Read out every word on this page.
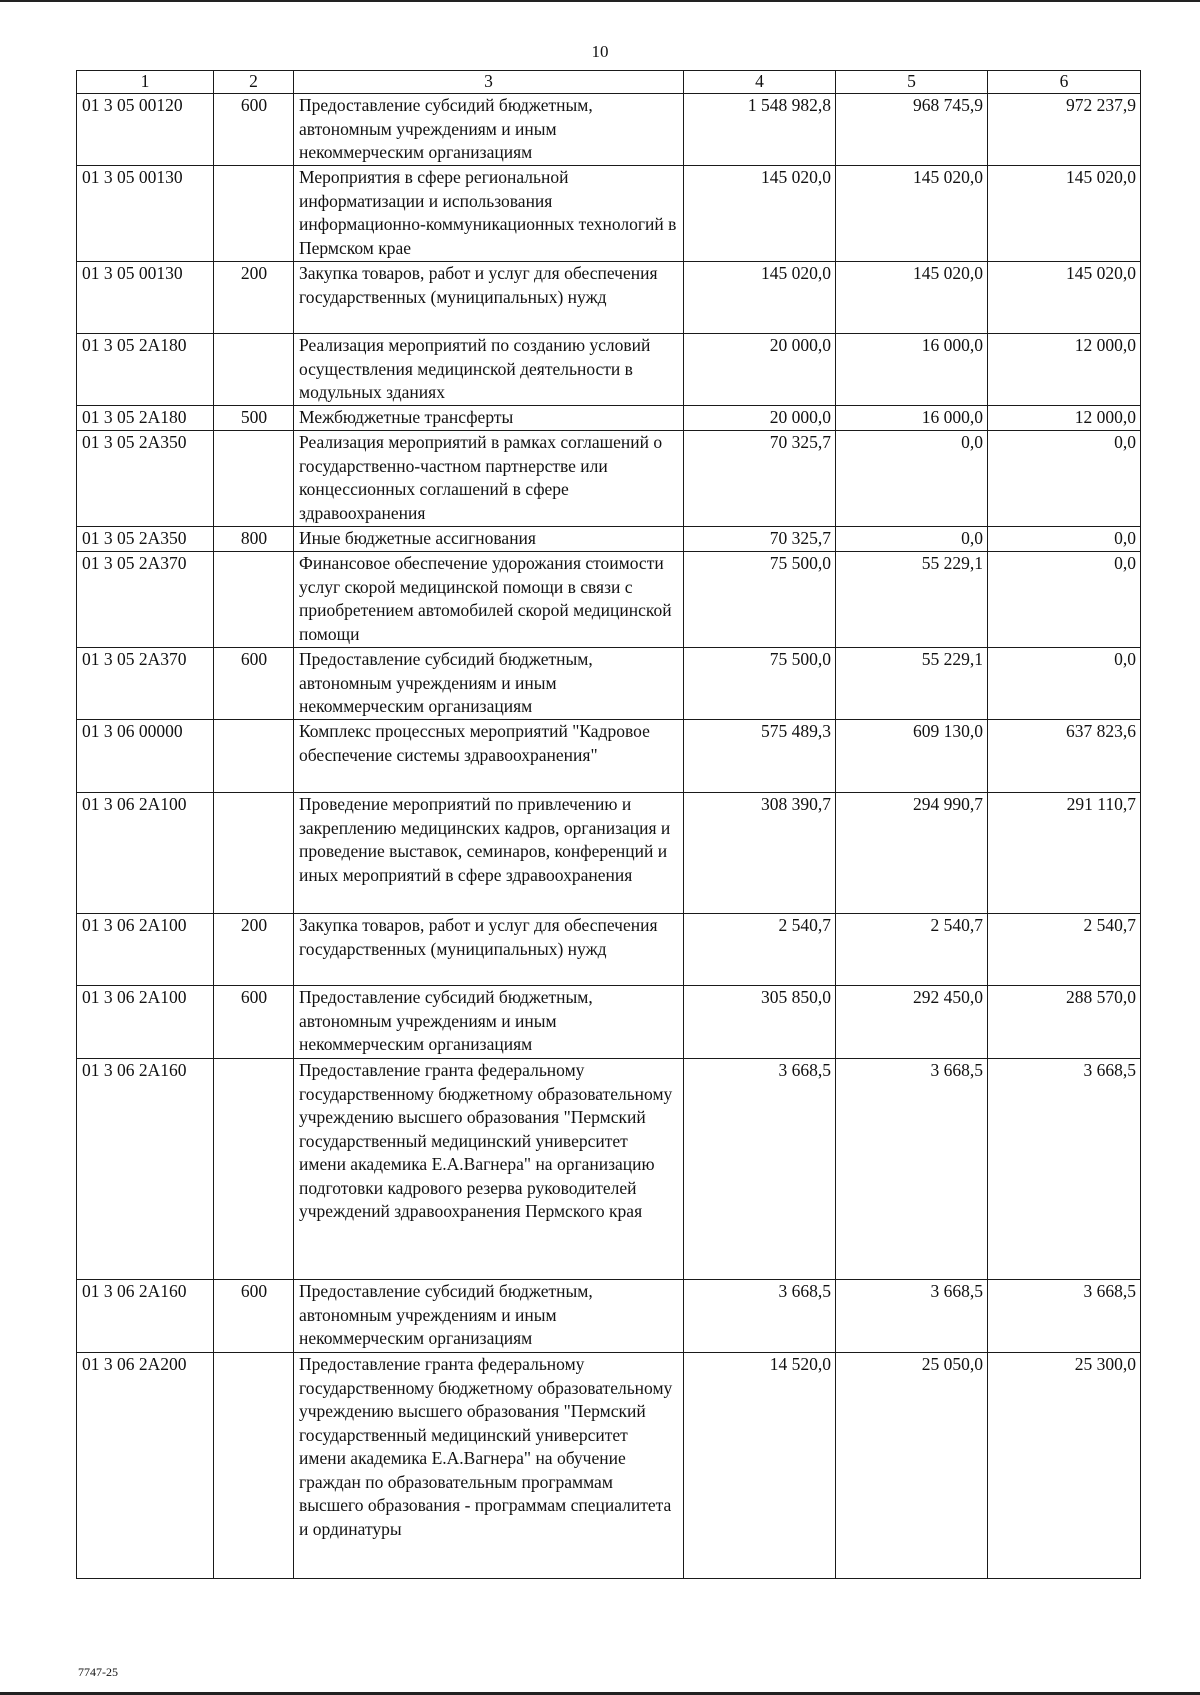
10
1	2	3	4	5	6
01 3 05 00120	600	Предоставление субсидий бюджетным, автономным учреждениям и иным некоммерческим организациям	1 548 982,8	968 745,9	972 237,9
01 3 05 00130		Мероприятия в сфере региональной информатизации и использования информационно-коммуникационных технологий в Пермском крае	145 020,0	145 020,0	145 020,0
01 3 05 00130	200	Закупка товаров, работ и услуг для обеспечения государственных (муниципальных) нужд	145 020,0	145 020,0	145 020,0
01 3 05 2А180		Реализация мероприятий по созданию условий осуществления медицинской деятельности в модульных зданиях	20 000,0	16 000,0	12 000,0
01 3 05 2А180	500	Межбюджетные трансферты	20 000,0	16 000,0	12 000,0
01 3 05 2А350		Реализация мероприятий в рамках соглашений о государственно-частном партнерстве или концессионных соглашений в сфере здравоохранения	70 325,7	0,0	0,0
01 3 05 2А350	800	Иные бюджетные ассигнования	70 325,7	0,0	0,0
01 3 05 2А370		Финансовое обеспечение удорожания стоимости услуг скорой медицинской помощи в связи с приобретением автомобилей скорой медицинской помощи	75 500,0	55 229,1	0,0
01 3 05 2А370	600	Предоставление субсидий бюджетным, автономным учреждениям и иным некоммерческим организациям	75 500,0	55 229,1	0,0
01 3 06 00000		Комплекс процессных мероприятий "Кадровое обеспечение системы здравоохранения"	575 489,3	609 130,0	637 823,6
01 3 06 2А100		Проведение мероприятий по привлечению и закреплению медицинских кадров, организация и проведение выставок, семинаров, конференций и иных мероприятий в сфере здравоохранения	308 390,7	294 990,7	291 110,7
01 3 06 2А100	200	Закупка товаров, работ и услуг для обеспечения государственных (муниципальных) нужд	2 540,7	2 540,7	2 540,7
01 3 06 2А100	600	Предоставление субсидий бюджетным, автономным учреждениям и иным некоммерческим организациям	305 850,0	292 450,0	288 570,0
01 3 06 2А160		Предоставление гранта федеральному государственному бюджетному образовательному учреждению высшего образования "Пермский государственный медицинский университет имени академика Е.А.Вагнера" на организацию подготовки кадрового резерва руководителей учреждений здравоохранения Пермского края	3 668,5	3 668,5	3 668,5
01 3 06 2А160	600	Предоставление субсидий бюджетным, автономным учреждениям и иным некоммерческим организациям	3 668,5	3 668,5	3 668,5
01 3 06 2А200		Предоставление гранта федеральному государственному бюджетному образовательному учреждению высшего образования "Пермский государственный медицинский университет имени академика Е.А.Вагнера" на обучение граждан по образовательным программам высшего образования - программам специалитета и ординатуры	14 520,0	25 050,0	25 300,0
7747-25
